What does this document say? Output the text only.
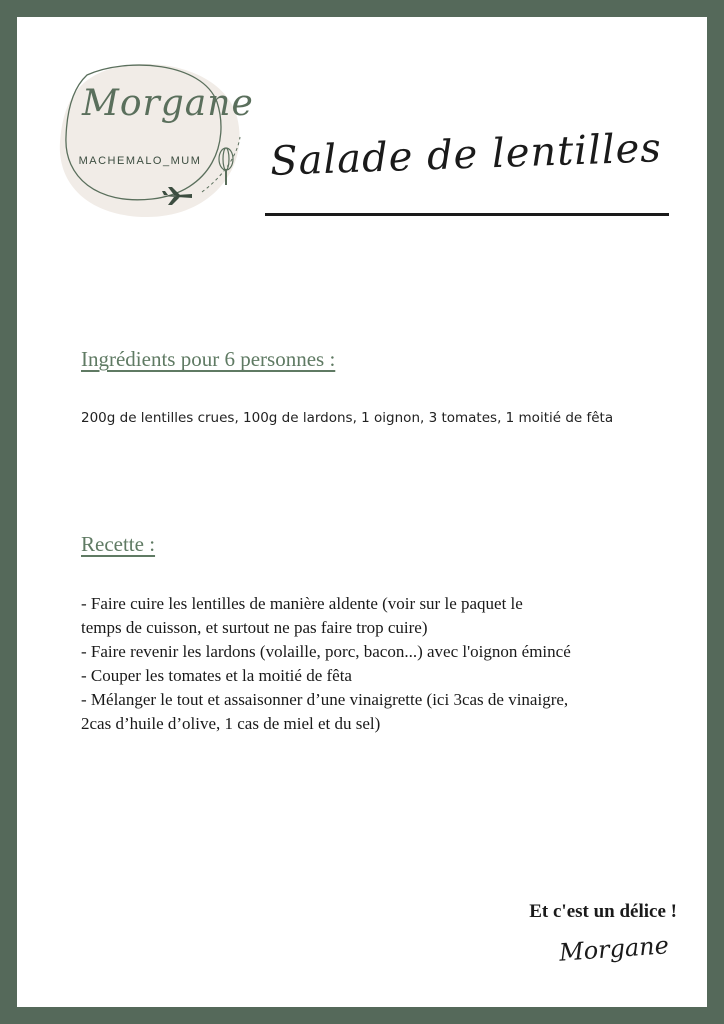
Morgane
MACHEMALO_MUM Salade de lentilles
Ingrédients pour 6 personnes :
200g de lentilles crues, 100g de lardons, 1 oignon, 3 tomates, 1 moitié de fêta
Recette :
- Faire cuire les lentilles de manière aldente (voir sur le paquet le
temps de cuisson, et surtout ne pas faire trop cuire)
- Faire revenir les lardons (volaille, porc, bacon...) avec l'oignon émincé
- Couper les tomates et la moitié de fêta
- Mélanger le tout et assaisonner d’une vinaigrette (ici 3cas de vinaigre,
2cas d’huile d’olive, 1 cas de miel et du sel)
Et c'est un délice !
Morgane
